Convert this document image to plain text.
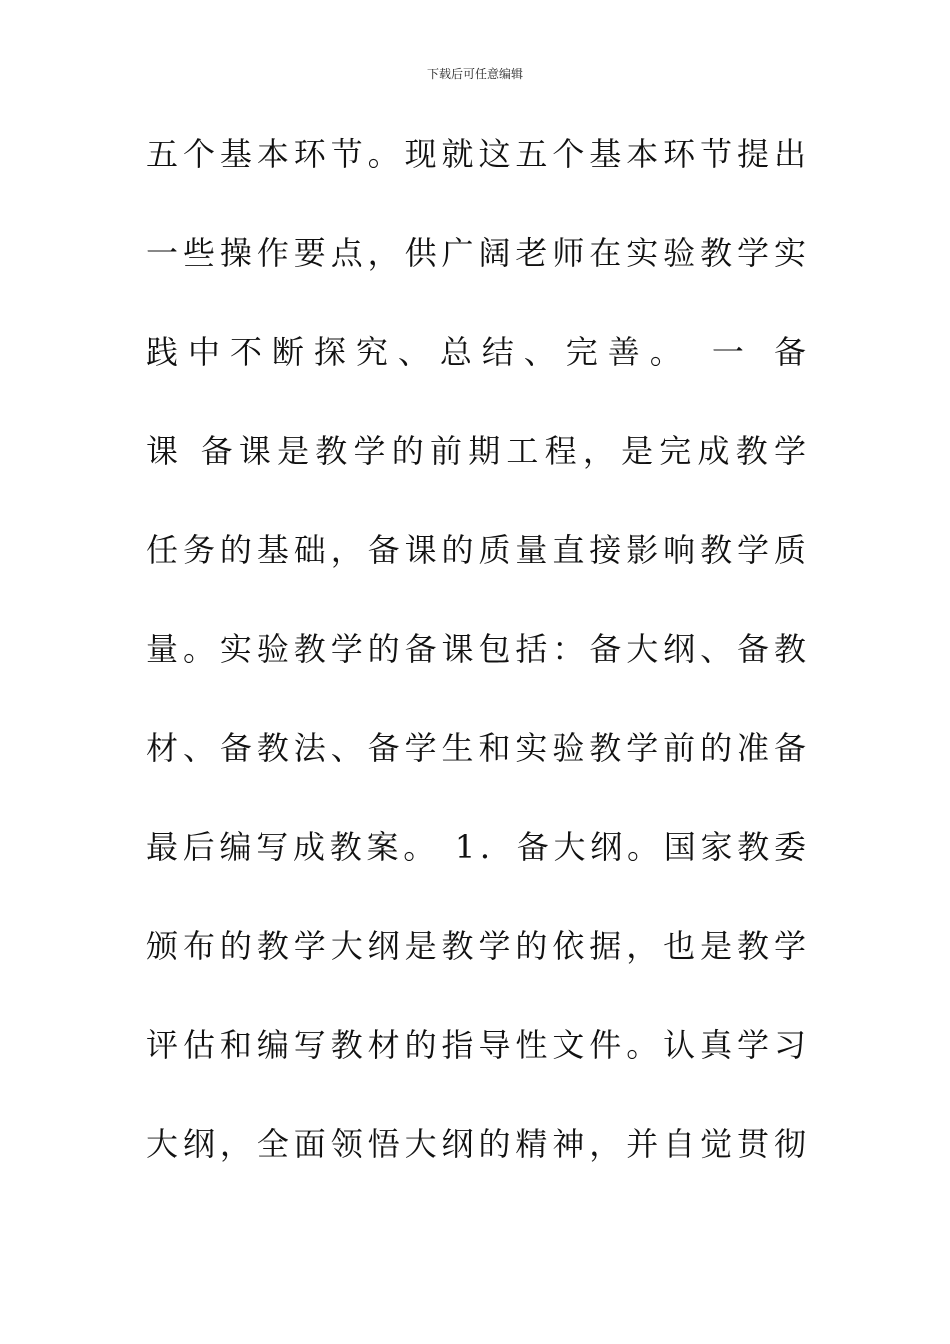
下载后可任意编辑
五个基本环节。现就这五个基本环节提出
一些操作要点，供广阔老师在实验教学实
践中不断探究、总结、完善。 一 备
课 备课是教学的前期工程，是完成教学
任务的基础，备课的质量直接影响教学质
量。实验教学的备课包括：备大纲、备教
材、备教法、备学生和实验教学前的准备
最后编写成教案。 1．备大纲。国家教委
颁布的教学大纲是教学的依据，也是教学
评估和编写教材的指导性文件。认真学习
大纲，全面领悟大纲的精神，并自觉贯彻
